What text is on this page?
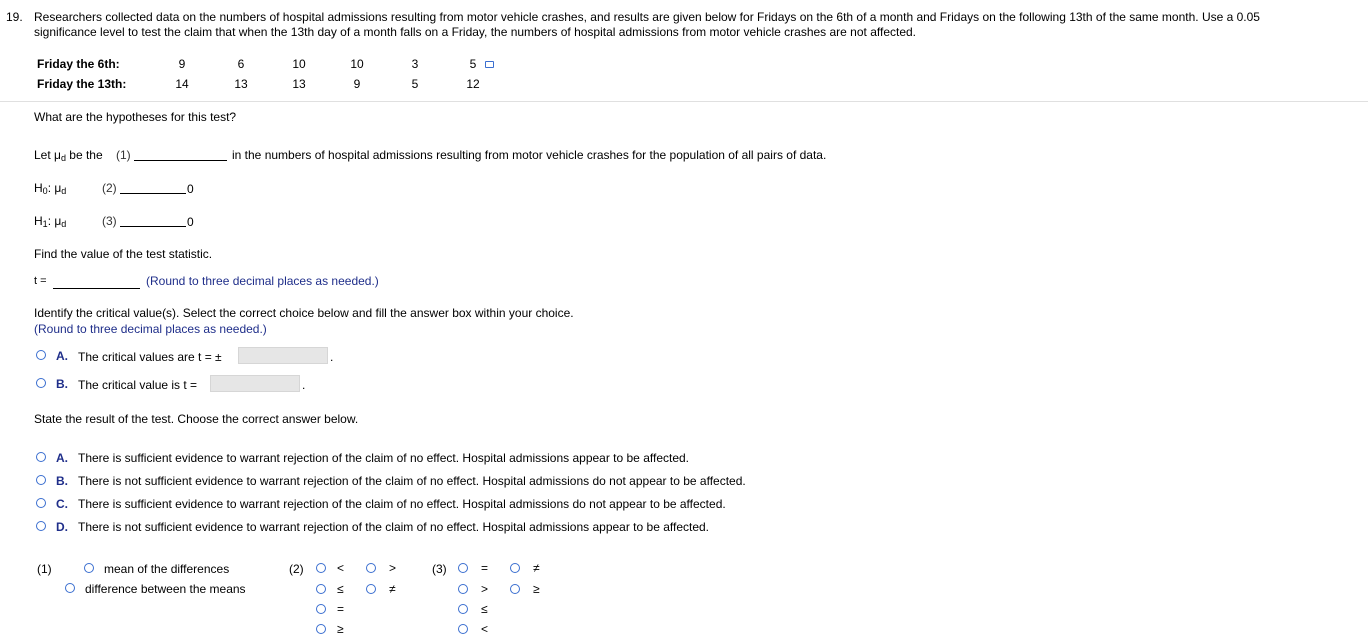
19. Researchers collected data on the numbers of hospital admissions resulting from motor vehicle crashes, and results are given below for Fridays on the 6th of a month and Fridays on the following 13th of the same month. Use a 0.05
significance level to test the claim that when the 13th day of a month falls on a Friday, the numbers of hospital admissions from motor vehicle crashes are not affected.
Friday the 6th:	9	6	10	10	3	5
Friday the 13th:	14	13	13	9	5	12
What are the hypotheses for this test?
Let $\mu_d$ be the (1)	in the numbers of hospital admissions resulting from motor vehicle crashes for the population of all pairs of data.
$H_0$: $\mu_d$	(2)	0
$H_1$: $\mu_d$	(3)	0
Find the value of the test statistic.
t =	(Round to three decimal places as needed.)
Identify the critical value(s). Select the correct choice below and fill the answer box within your choice.
(Round to three decimal places as needed.)
A. The critical values are t = ±	.
B. The critical value is t =	.
State the result of the test. Choose the correct answer below.
A. There is sufficient evidence to warrant rejection of the claim of no effect. Hospital admissions appear to be affected.
B. There is not sufficient evidence to warrant rejection of the claim of no effect. Hospital admissions do not appear to be affected.
C. There is sufficient evidence to warrant rejection of the claim of no effect. Hospital admissions do not appear to be affected.
D. There is not sufficient evidence to warrant rejection of the claim of no effect. Hospital admissions appear to be affected.
(1)	mean of the differences
difference between the means
(2)	<	>
≤	≠
=
≥
(3)	=	≠
>	≥
≤
<
